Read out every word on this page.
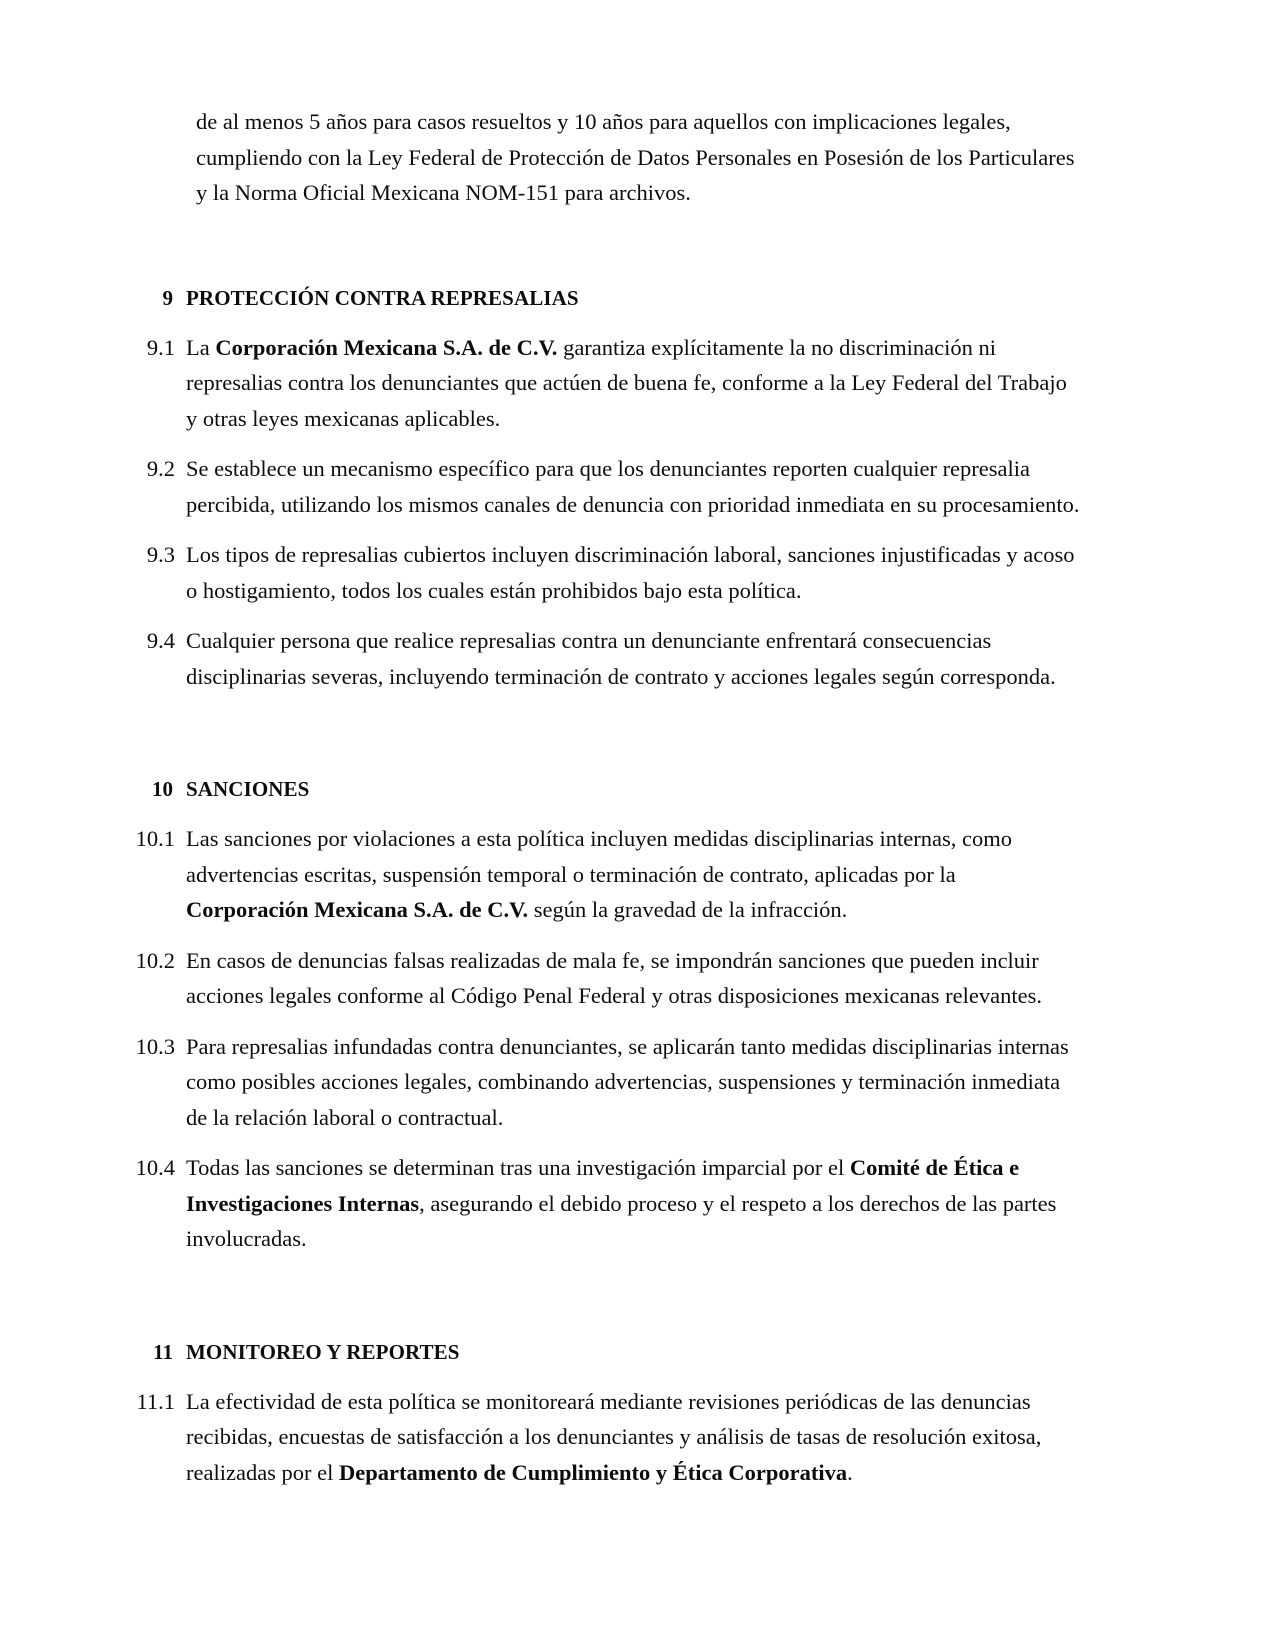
de al menos 5 años para casos resueltos y 10 años para aquellos con implicaciones legales, cumpliendo con la Ley Federal de Protección de Datos Personales en Posesión de los Particulares y la Norma Oficial Mexicana NOM-151 para archivos.

9 PROTECCIÓN CONTRA REPRESALIAS
9.1 La Corporación Mexicana S.A. de C.V. garantiza explícitamente la no discriminación ni represalias contra los denunciantes que actúen de buena fe, conforme a la Ley Federal del Trabajo y otras leyes mexicanas aplicables.
9.2 Se establece un mecanismo específico para que los denunciantes reporten cualquier represalia percibida, utilizando los mismos canales de denuncia con prioridad inmediata en su procesamiento.
9.3 Los tipos de represalias cubiertos incluyen discriminación laboral, sanciones injustificadas y acoso o hostigamiento, todos los cuales están prohibidos bajo esta política.
9.4 Cualquier persona que realice represalias contra un denunciante enfrentará consecuencias disciplinarias severas, incluyendo terminación de contrato y acciones legales según corresponda.
10 SANCIONES
10.1 Las sanciones por violaciones a esta política incluyen medidas disciplinarias internas, como advertencias escritas, suspensión temporal o terminación de contrato, aplicadas por la Corporación Mexicana S.A. de C.V. según la gravedad de la infracción.
10.2 En casos de denuncias falsas realizadas de mala fe, se impondrán sanciones que pueden incluir acciones legales conforme al Código Penal Federal y otras disposiciones mexicanas relevantes.
10.3 Para represalias infundadas contra denunciantes, se aplicarán tanto medidas disciplinarias internas como posibles acciones legales, combinando advertencias, suspensiones y terminación inmediata de la relación laboral o contractual.
10.4 Todas las sanciones se determinan tras una investigación imparcial por el Comité de Ética e Investigaciones Internas, asegurando el debido proceso y el respeto a los derechos de las partes involucradas.
11 MONITOREO Y REPORTES
11.1 La efectividad de esta política se monitoreará mediante revisiones periódicas de las denuncias recibidas, encuestas de satisfacción a los denunciantes y análisis de tasas de resolución exitosa, realizadas por el Departamento de Cumplimiento y Ética Corporativa.
